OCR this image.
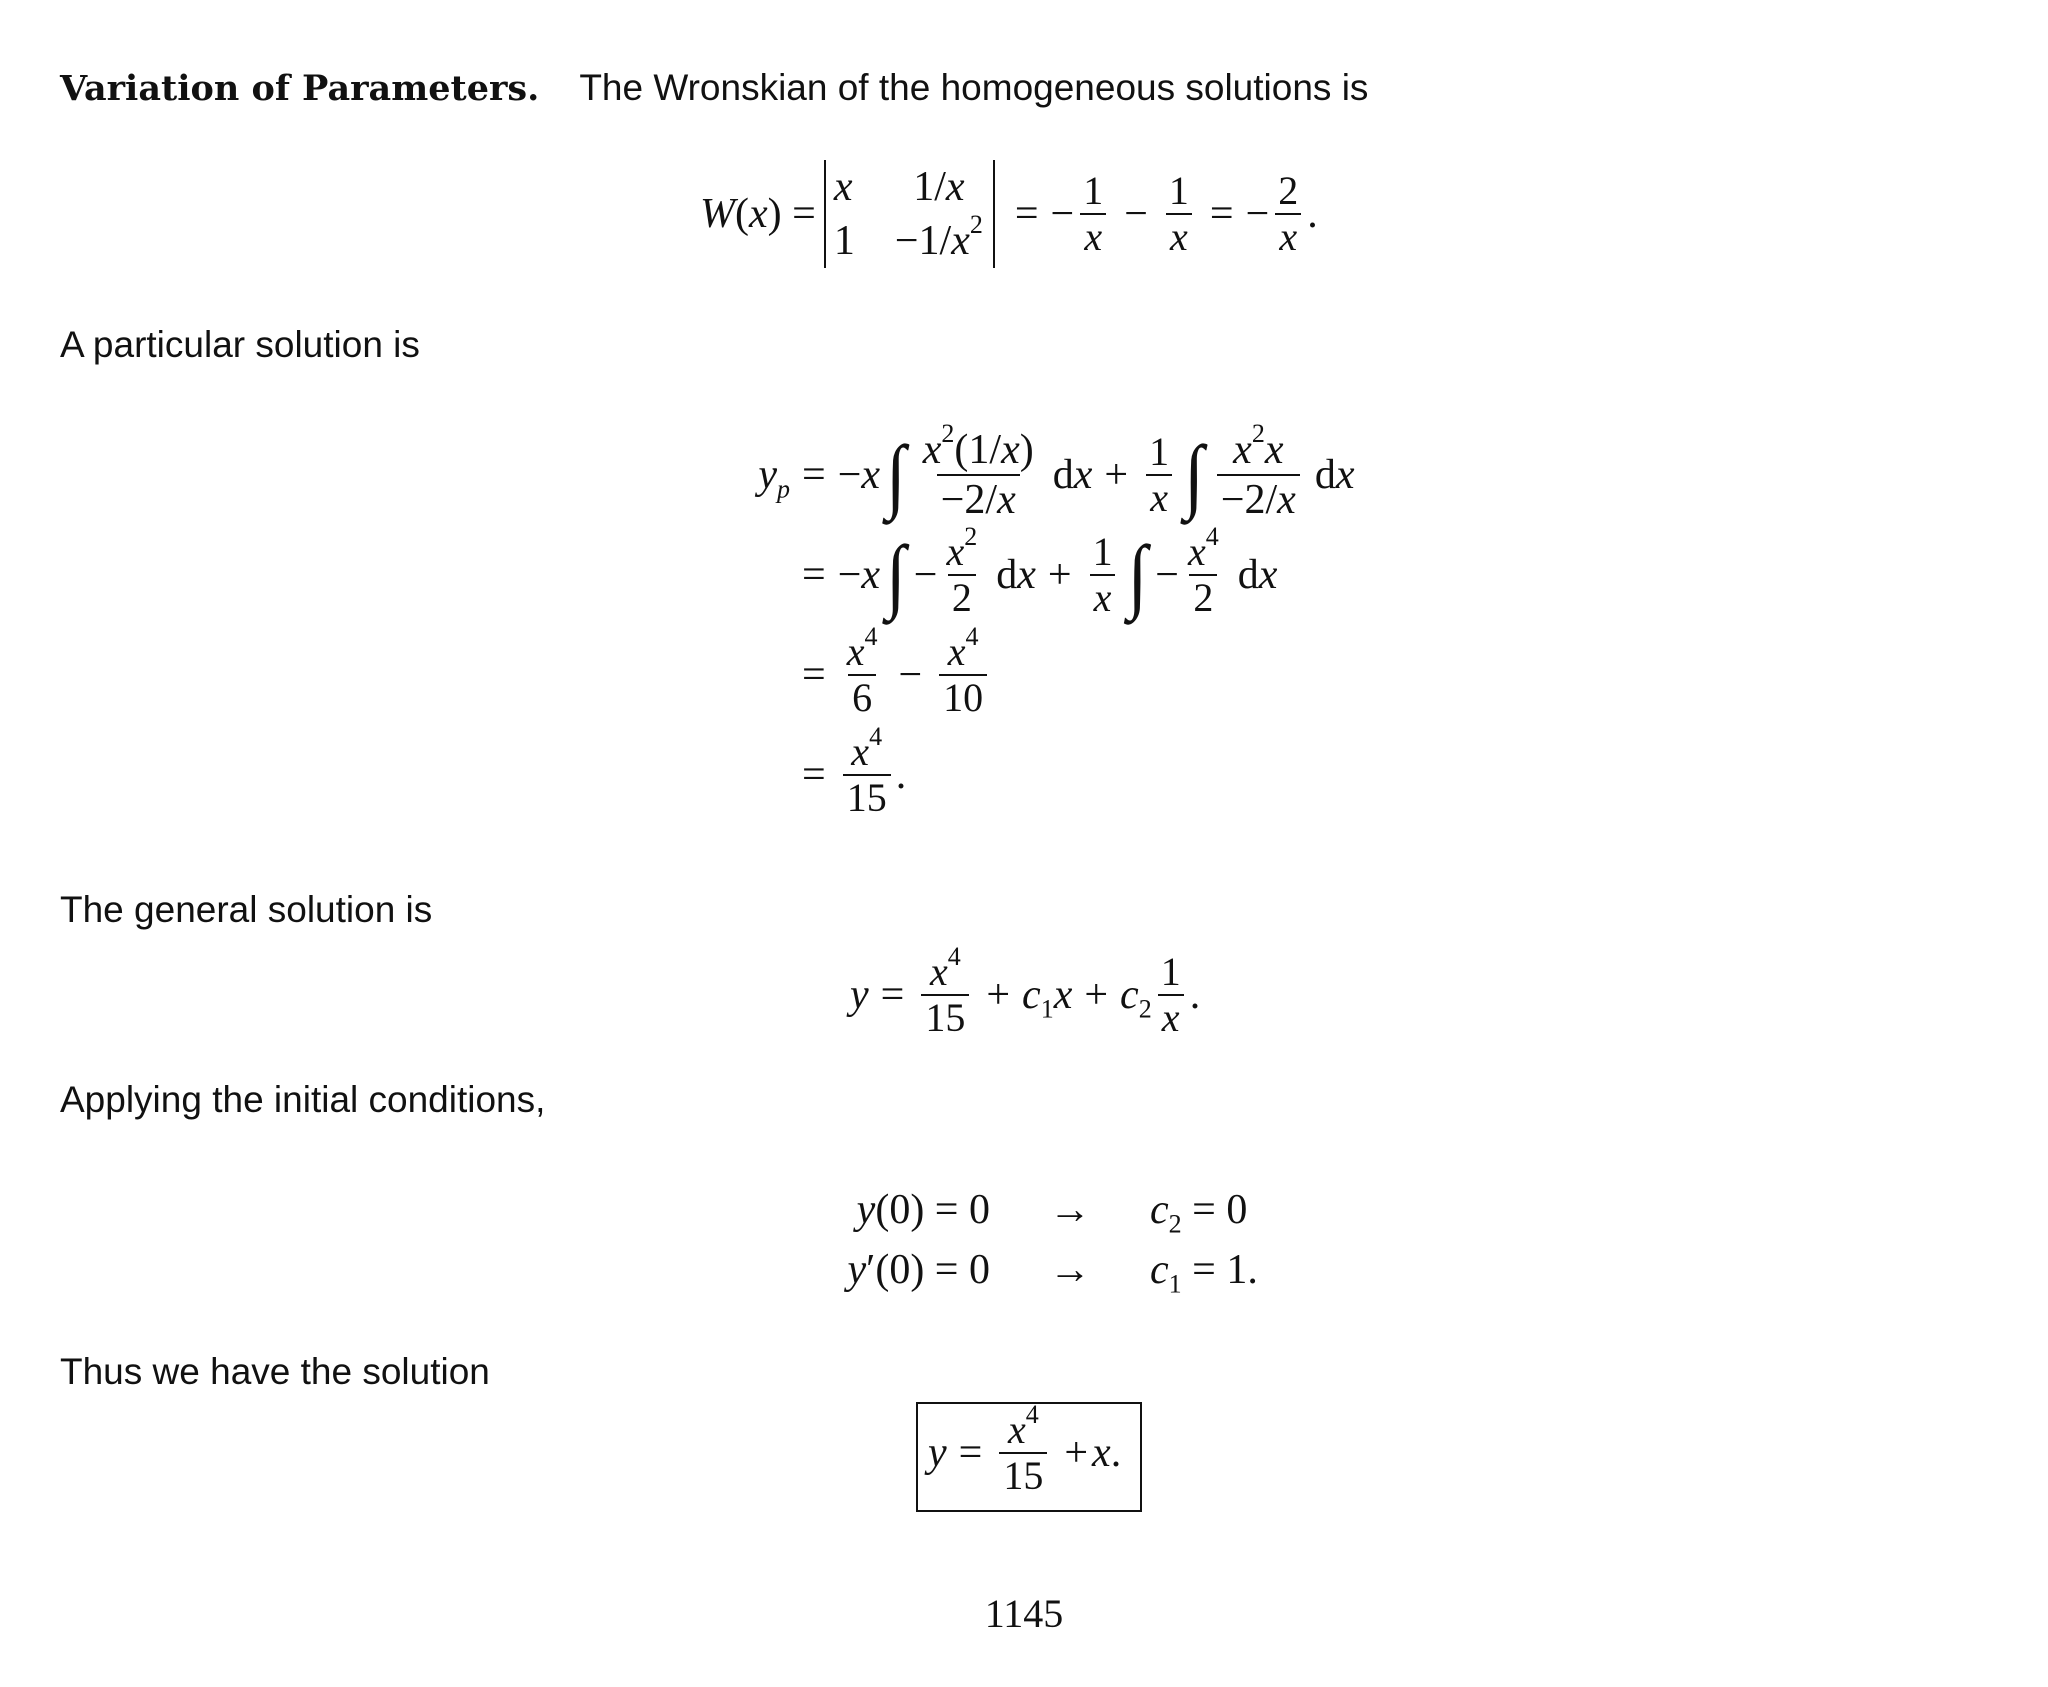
Variation of Parameters. The Wronskian of the homogeneous solutions is
W(x) =
x	1/x
$1 -1/x^2$ = − $\frac{1}{x} - \frac{1}{x}$ = − $\frac{2}{x}$ .
A particular solution is
$y_p = -x$ ∫ $\frac{x^2(1/x)}{-2/x}$ dx + $\frac{1}{x}$ ∫ $\frac{x^2x}{-2/x}$ dx
= −x ∫ − $\frac{x^2}{2}$ dx + $\frac{1}{x}$ ∫ − $\frac{x^4}{2}$ dx
= $\frac{x^4}{6} - \frac{x^4}{10}$
= $\frac{x^4}{15}$ .
The general solution is
$y = \frac{x^4}{15} + c_1x + c_2 \frac{1}{x}$ .
Applying the initial conditions,
y(0) = 0	→	$c_2 = 0$
y′(0) = 0	→	$c_1 = 1$.
Thus we have the solution
$y = \frac{x^4}{15} + x$.
1145
